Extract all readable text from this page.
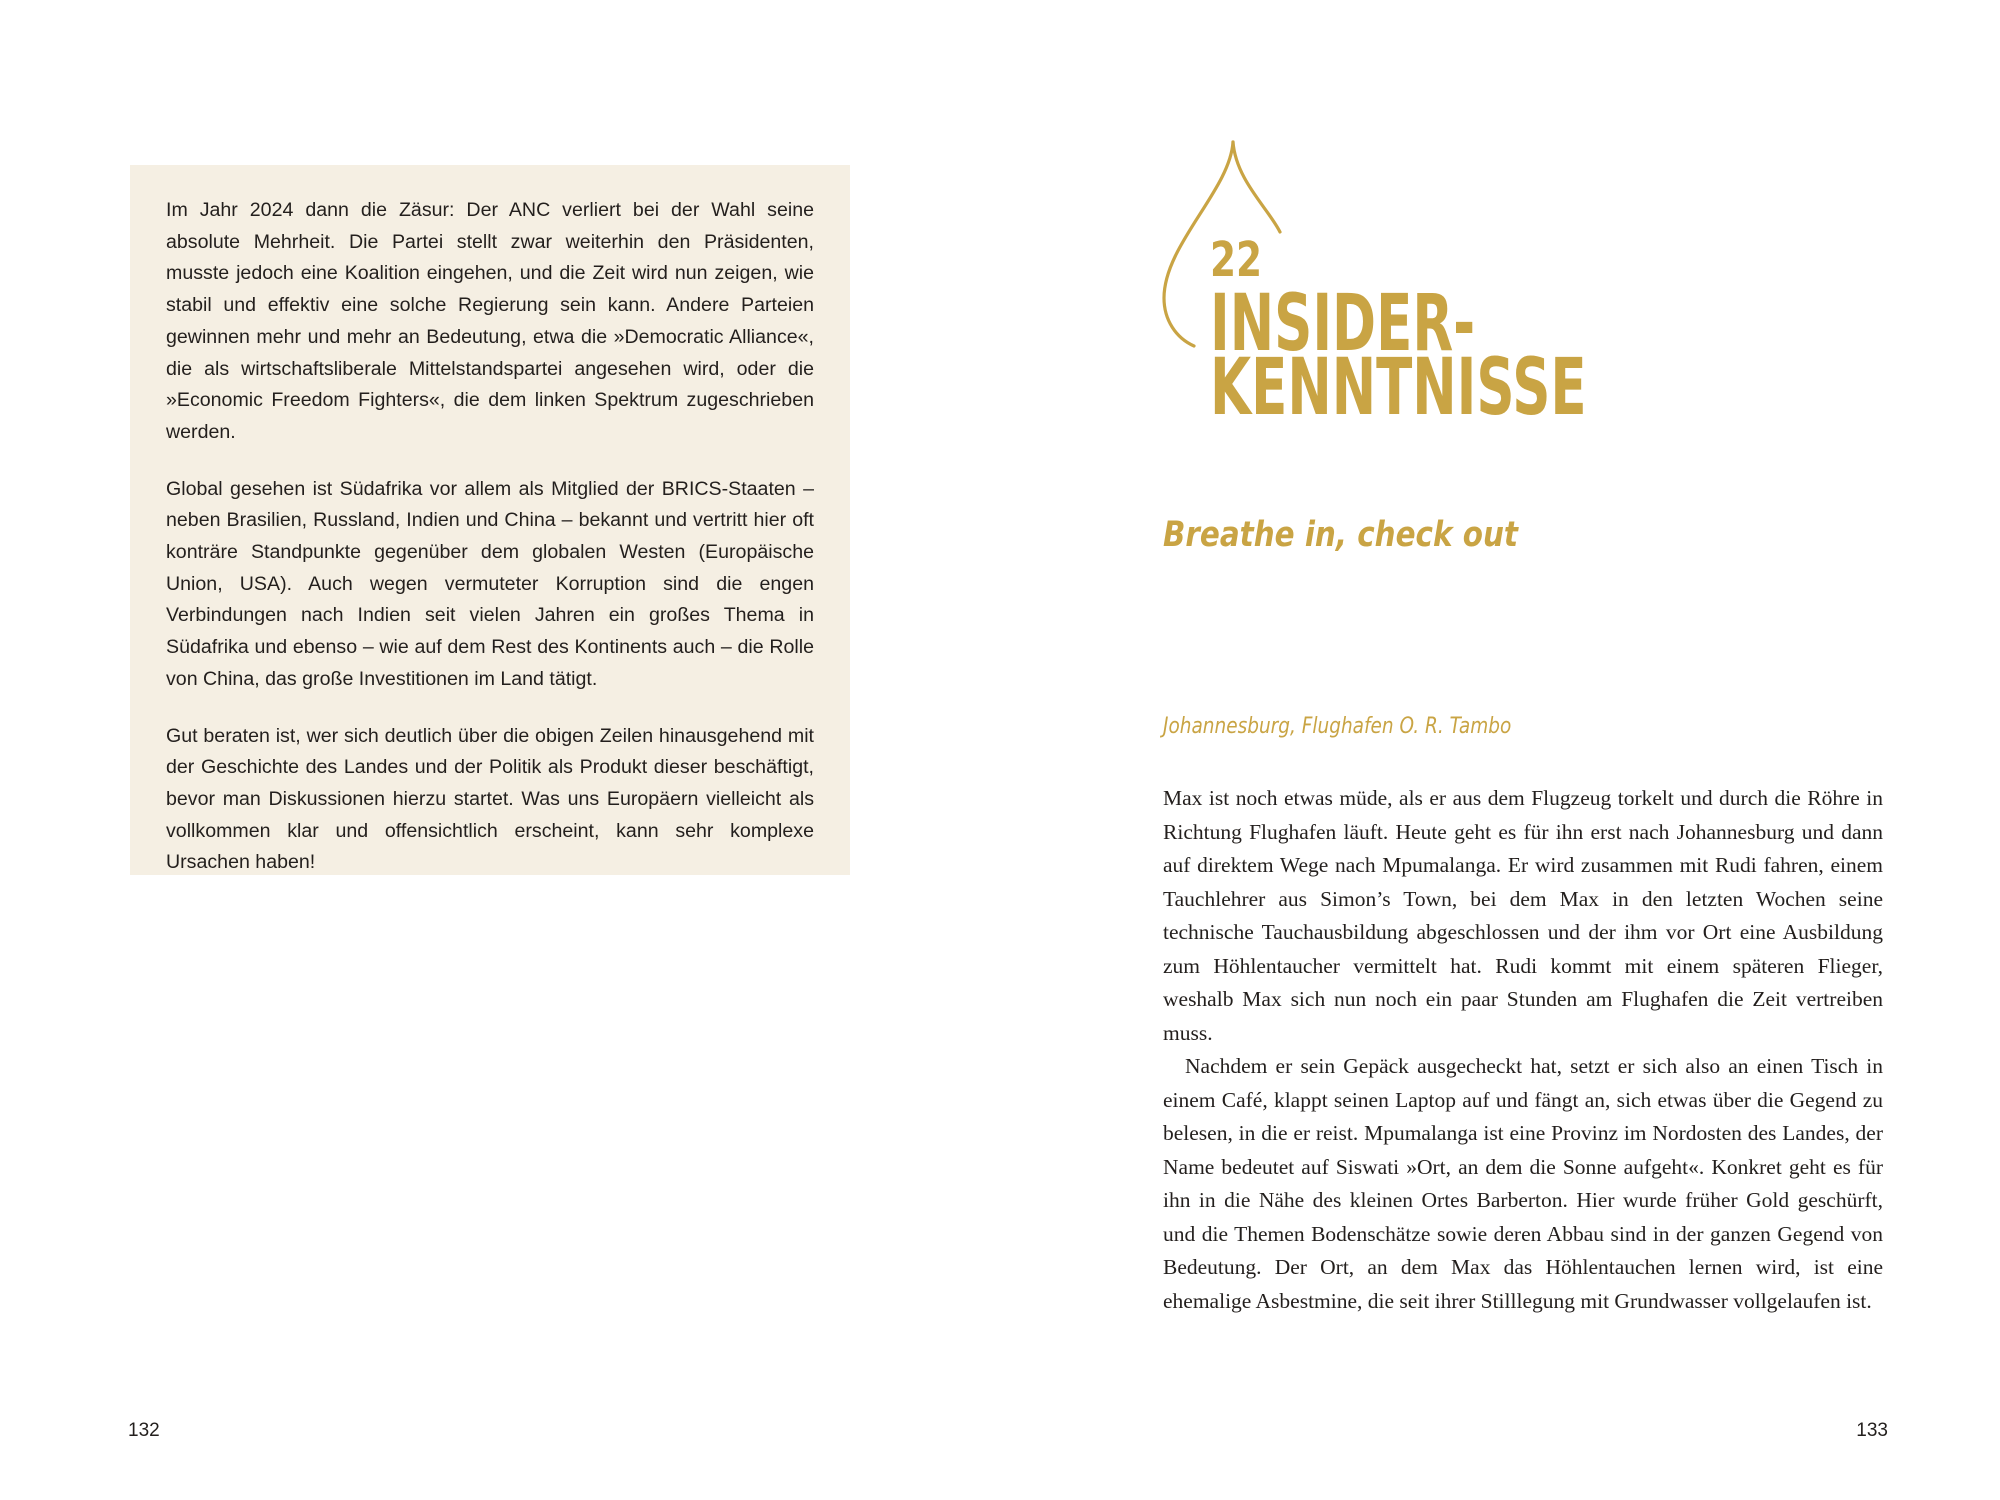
Im Jahr 2024 dann die Zäsur: Der ANC verliert bei der Wahl seine absolute Mehrheit. Die Partei stellt zwar weiterhin den Präsidenten, musste jedoch eine Koalition eingehen, und die Zeit wird nun zeigen, wie stabil und effektiv eine solche Regierung sein kann. Andere Parteien gewinnen mehr und mehr an Bedeutung, etwa die »Democratic Alliance«, die als wirtschaftsliberale Mittelstandspartei angesehen wird, oder die »Economic Freedom Fighters«, die dem linken Spektrum zugeschrieben werden.

Global gesehen ist Südafrika vor allem als Mitglied der BRICS-Staaten – neben Brasilien, Russland, Indien und China – bekannt und vertritt hier oft konträre Standpunkte gegenüber dem globalen Westen (Europäische Union, USA). Auch wegen vermuteter Korruption sind die engen Verbindungen nach Indien seit vielen Jahren ein großes Thema in Südafrika und ebenso – wie auf dem Rest des Kontinents auch – die Rolle von China, das große Investitionen im Land tätigt.

Gut beraten ist, wer sich deutlich über die obigen Zeilen hinausgehend mit der Geschichte des Landes und der Politik als Produkt dieser beschäftigt, bevor man Diskussionen hierzu startet. Was uns Europäern vielleicht als vollkommen klar und offensichtlich erscheint, kann sehr komplexe Ursachen haben!

132
22
INSIDER-
KENNTNISSE
Breathe in, check out

Johannesburg, Flughafen O. R. Tambo

Max ist noch etwas müde, als er aus dem Flugzeug torkelt und durch die Röhre in Richtung Flughafen läuft. Heute geht es für ihn erst nach Johannesburg und dann auf direktem Wege nach Mpumalanga. Er wird zusammen mit Rudi fahren, einem Tauchlehrer aus Simon’s Town, bei dem Max in den letzten Wochen seine technische Tauchausbildung abgeschlossen und der ihm vor Ort eine Ausbildung zum Höhlentaucher vermittelt hat. Rudi kommt mit einem späteren Flieger, weshalb Max sich nun noch ein paar Stunden am Flughafen die Zeit vertreiben muss.

Nachdem er sein Gepäck ausgecheckt hat, setzt er sich also an einen Tisch in einem Café, klappt seinen Laptop auf und fängt an, sich etwas über die Gegend zu belesen, in die er reist. Mpumalanga ist eine Provinz im Nordosten des Landes, der Name bedeutet auf Siswati »Ort, an dem die Sonne aufgeht«. Konkret geht es für ihn in die Nähe des kleinen Ortes Barberton. Hier wurde früher Gold geschürft, und die Themen Bodenschätze sowie deren Abbau sind in der ganzen Gegend von Bedeutung. Der Ort, an dem Max das Höhlentauchen lernen wird, ist eine ehemalige Asbestmine, die seit ihrer Stilllegung mit Grundwasser vollgelaufen ist.

133
